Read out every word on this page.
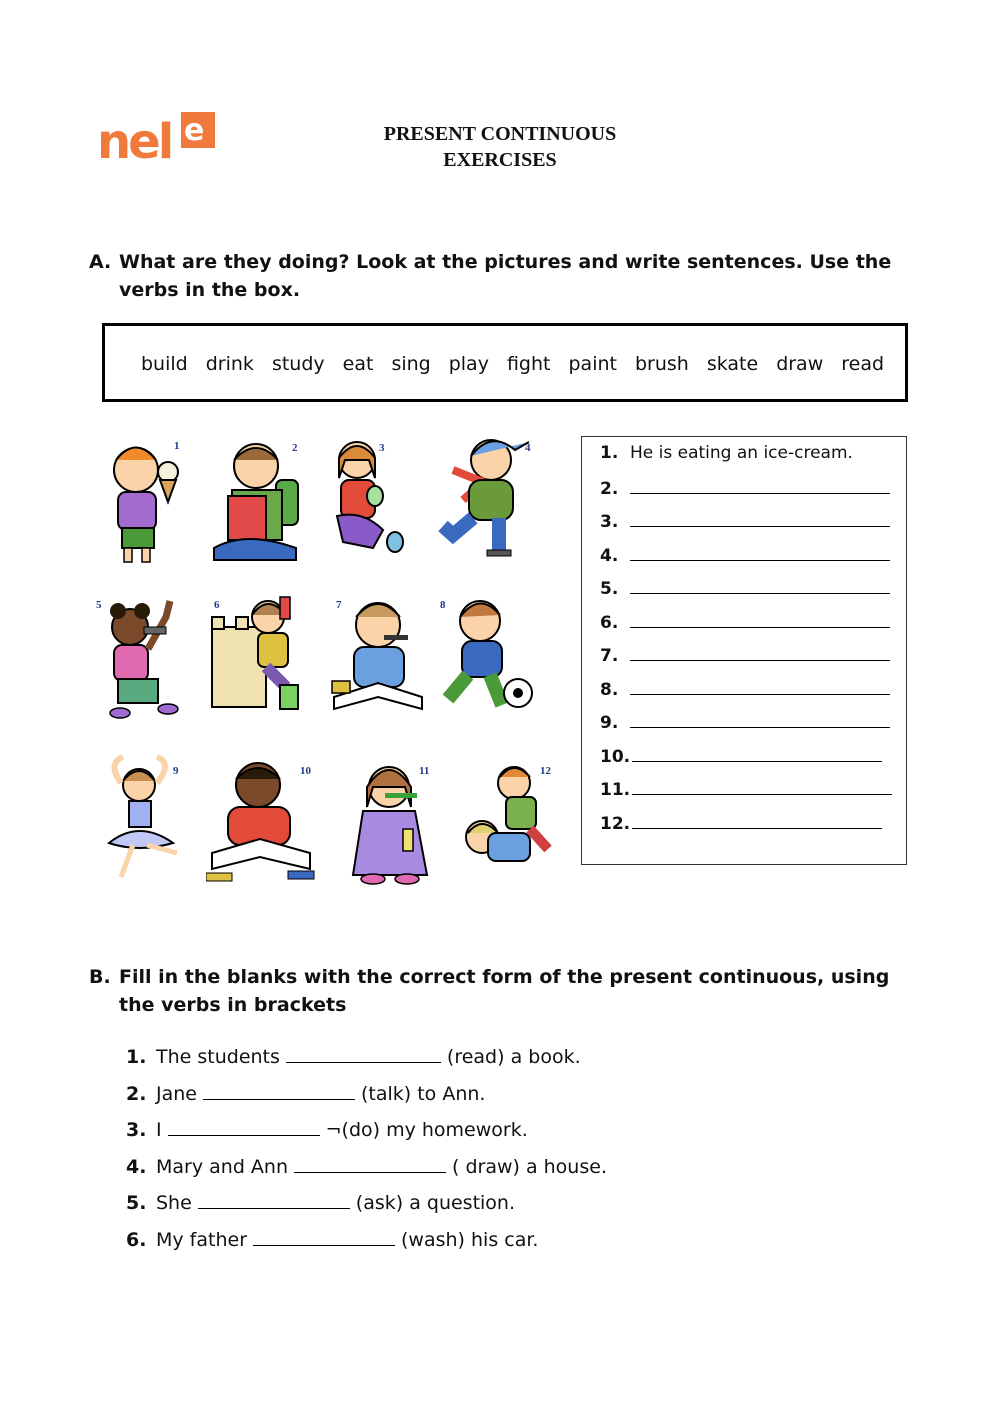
nel e	PRESENT CONTINUOUS
EXERCISES
A. What are they doing? Look at the pictures and write sentences. Use the verbs in the box.
build drink study eat sing play fight paint brush skate draw read
1	2	3	4
5	6	7	8
9	10	11	12
1. He is eating an ice-cream.
2.
3.
4.
5.
6.
7.
8.
9.
10.
11.
12.
B. Fill in the blanks with the correct form of the present continuous, using the verbs in brackets
1. The students	(read) a book.
2. Jane	(talk) to Ann.
3. I	¬(do) my homework.
4. Mary and Ann	( draw) a house.
5. She	(ask) a question.
6. My father	(wash) his car.
